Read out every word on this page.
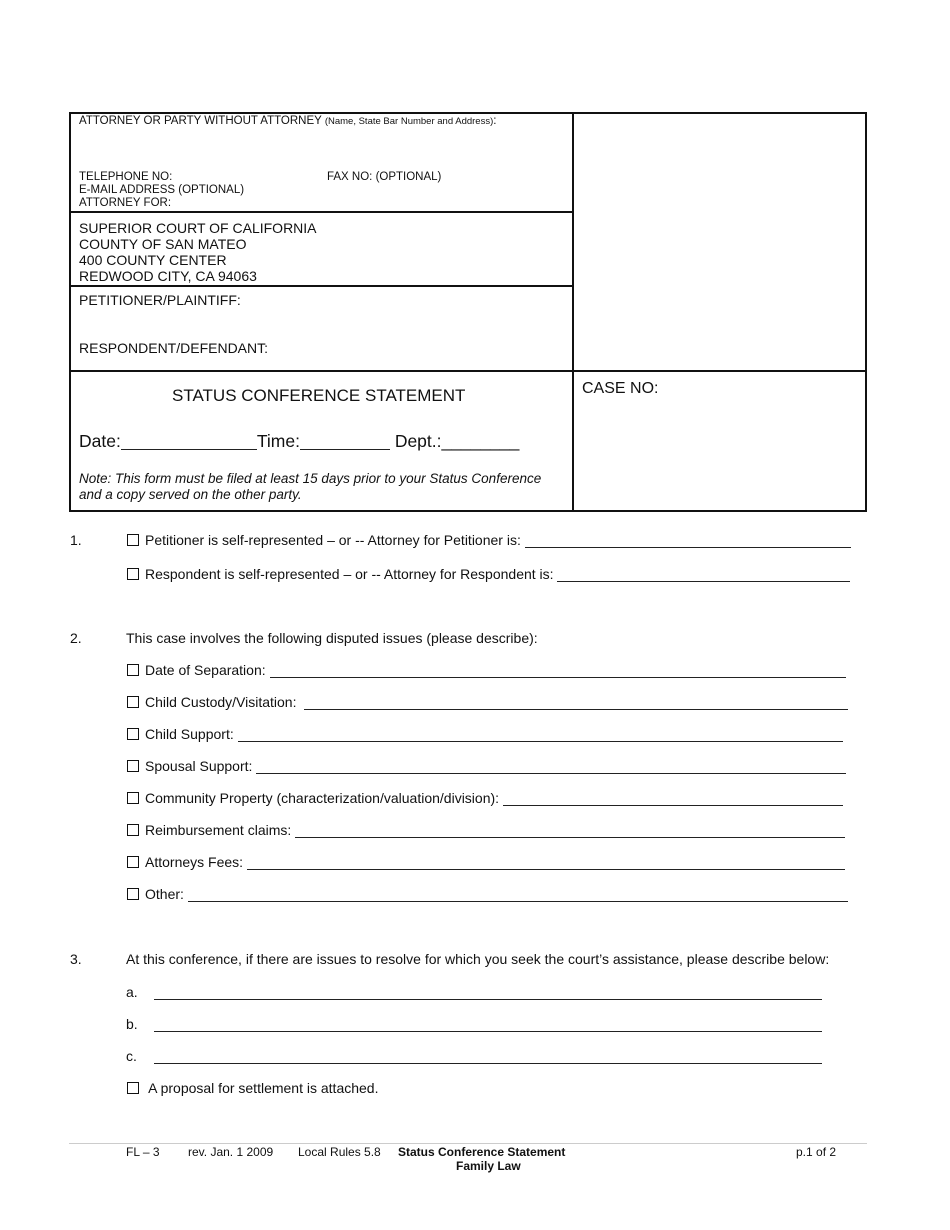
ATTORNEY OR PARTY WITHOUT ATTORNEY (Name, State Bar Number and Address):
TELEPHONE NO:	FAX NO: (OPTIONAL)
E-MAIL ADDRESS (OPTIONAL)
ATTORNEY FOR:
SUPERIOR COURT OF CALIFORNIA
COUNTY OF SAN MATEO
400 COUNTY CENTER
REDWOOD CITY, CA 94063
PETITIONER/PLAINTIFF:
RESPONDENT/DEFENDANT:
STATUS CONFERENCE STATEMENT
Date:	Time:	Dept.:________
Note: This form must be filed at least 15 days prior to your Status Conference
and a copy served on the other party.
CASE NO:
1.	Petitioner is self-represented – or -- Attorney for Petitioner is:
Respondent is self-represented – or -- Attorney for Respondent is:
2.	This case involves the following disputed issues (please describe):
Date of Separation:
Child Custody/Visitation:
Child Support:
Spousal Support:
Community Property (characterization/valuation/division):
Reimbursement claims:
Attorneys Fees:
Other:
3.	At this conference, if there are issues to resolve for which you seek the court’s assistance, please describe below:
a.
b.
c.
A proposal for settlement is attached.
FL – 3 rev. Jan. 1 2009 Local Rules 5.8 Status Conference Statement
Family Law
p.1 of 2
